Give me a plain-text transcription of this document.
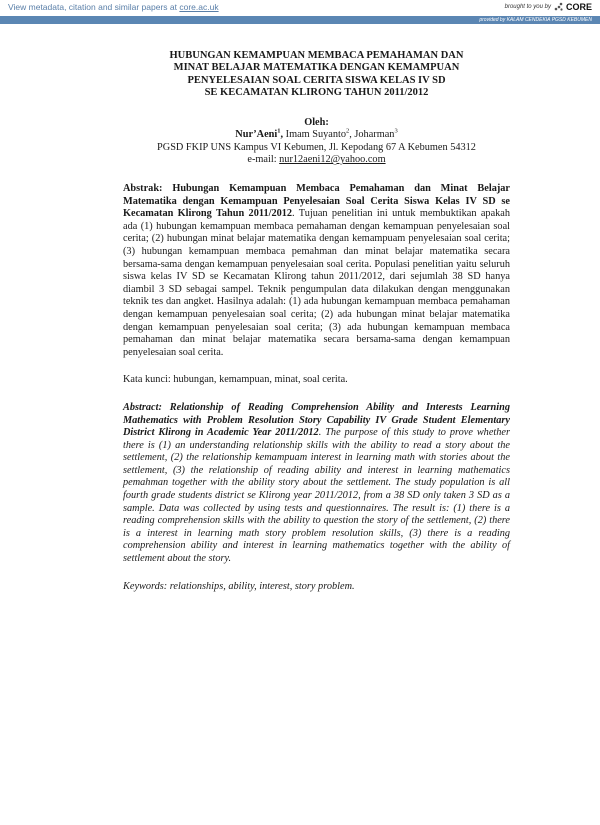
View metadata, citation and similar papers at core.ac.uk	brought to you by CORE
provided by KALAM CENDEKIA PGSD KEBUMEN
HUBUNGAN KEMAMPUAN MEMBACA PEMAHAMAN DAN
MINAT BELAJAR MATEMATIKA DENGAN KEMAMPUAN
PENYELESAIAN SOAL CERITA SISWA KELAS IV SD
SE KECAMATAN KLIRONG TAHUN 2011/2012
Oleh:
Nur’Aeni$^1$, Imam Suyanto$^2$, Joharman$^3$
PGSD FKIP UNS Kampus VI Kebumen, Jl. Kepodang 67 A Kebumen 54312
e-mail: nur12aeni12@yahoo.com
Abstrak: Hubungan Kemampuan Membaca Pemahaman dan Minat Belajar Matematika dengan Kemampuan Penyelesaian Soal Cerita Siswa Kelas IV SD se Kecamatan Klirong Tahun 2011/2012. Tujuan penelitian ini untuk membuktikan apakah ada (1) hubungan kemampuan membaca pemahaman dengan kemampuan penyelesaian soal cerita; (2) hubungan minat belajar matematika dengan kemampuam penyelesaian soal cerita; (3) hubungan kemampuan membaca pemahman dan minat belajar matematika secara bersama-sama dengan kemampuan penyelesaian soal cerita. Populasi penelitian yaitu seluruh siswa kelas IV SD se Kecamatan Klirong tahun 2011/2012, dari sejumlah 38 SD hanya diambil 3 SD sebagai sampel. Teknik pengumpulan data dilakukan dengan menggunakan teknik tes dan angket. Hasilnya adalah: (1) ada hubungan kemampuan membaca pemahaman dengan kemampuan penyelesaian soal cerita; (2) ada hubungan minat belajar matematika dengan kemampuan penyelesaian soal cerita; (3) ada hubungan kemampuan membaca pemahaman dan minat belajar matematika secara bersama-sama dengan kemampuan penyelesaian soal cerita.
Kata kunci: hubungan, kemampuan, minat, soal cerita.
Abstract: Relationship of Reading Comprehension Ability and Interests Learning Mathematics with Problem Resolution Story Capability IV Grade Student Elementary District Klirong in Academic Year 2011/2012. The purpose of this study to prove whether there is (1) an understanding relationship skills with the ability to read a story about the settlement, (2) the relationship kemampuam interest in learning math with stories about the settlement, (3) the relationship of reading ability and interest in learning mathematics pemahman together with the ability story about the settlement. The study population is all fourth grade students district se Klirong year 2011/2012, from a 38 SD only taken 3 SD as a sample. Data was collected by using tests and questionnaires. The result is: (1) there is a reading comprehension skills with the ability to question the story of the settlement, (2) there is a interest in learning math story problem resolution skills, (3) there is a reading comprehension ability and interest in learning mathematics together with the ability of settlement about the story.
Keywords: relationships, ability, interest, story problem.
